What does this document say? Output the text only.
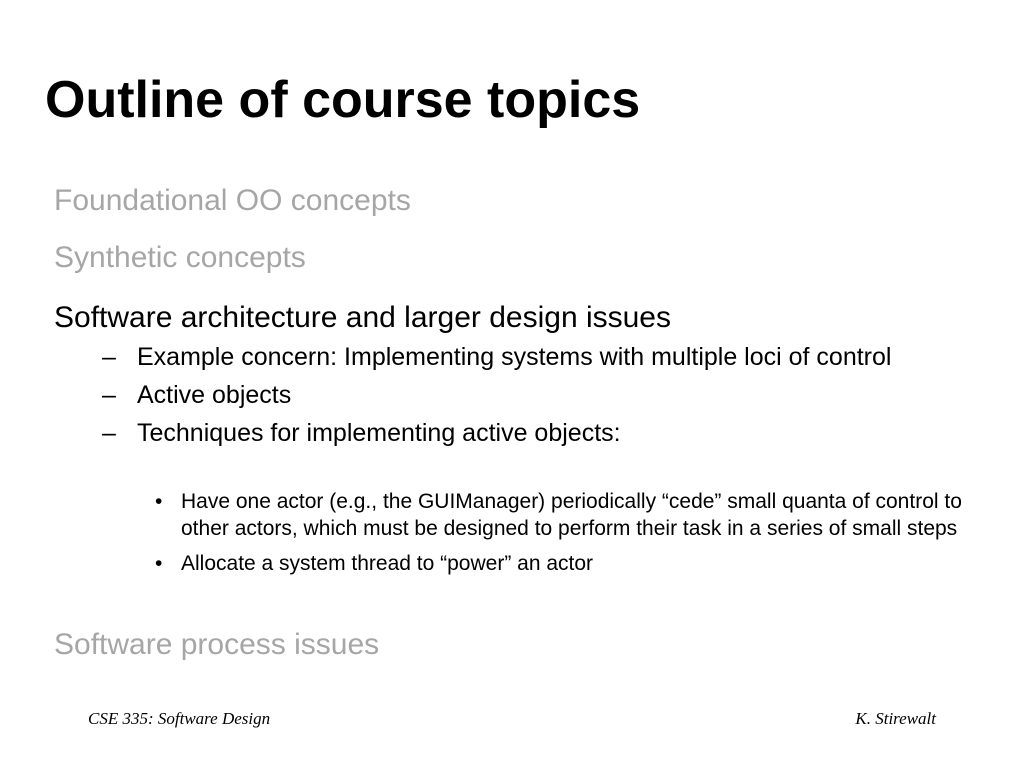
Outline of course topics

Foundational OO concepts

Synthetic concepts

Software architecture and larger design issues

– Example concern: Implementing systems with multiple loci of control
– Active objects
– Techniques for implementing active objects:
• Have one actor (e.g., the GUIManager) periodically “cede” small quanta of control to other actors, which must be designed to perform their task in a series of small steps
• Allocate a system thread to “power” an actor

Software process issues

CSE 335: Software Design	K. Stirewalt
